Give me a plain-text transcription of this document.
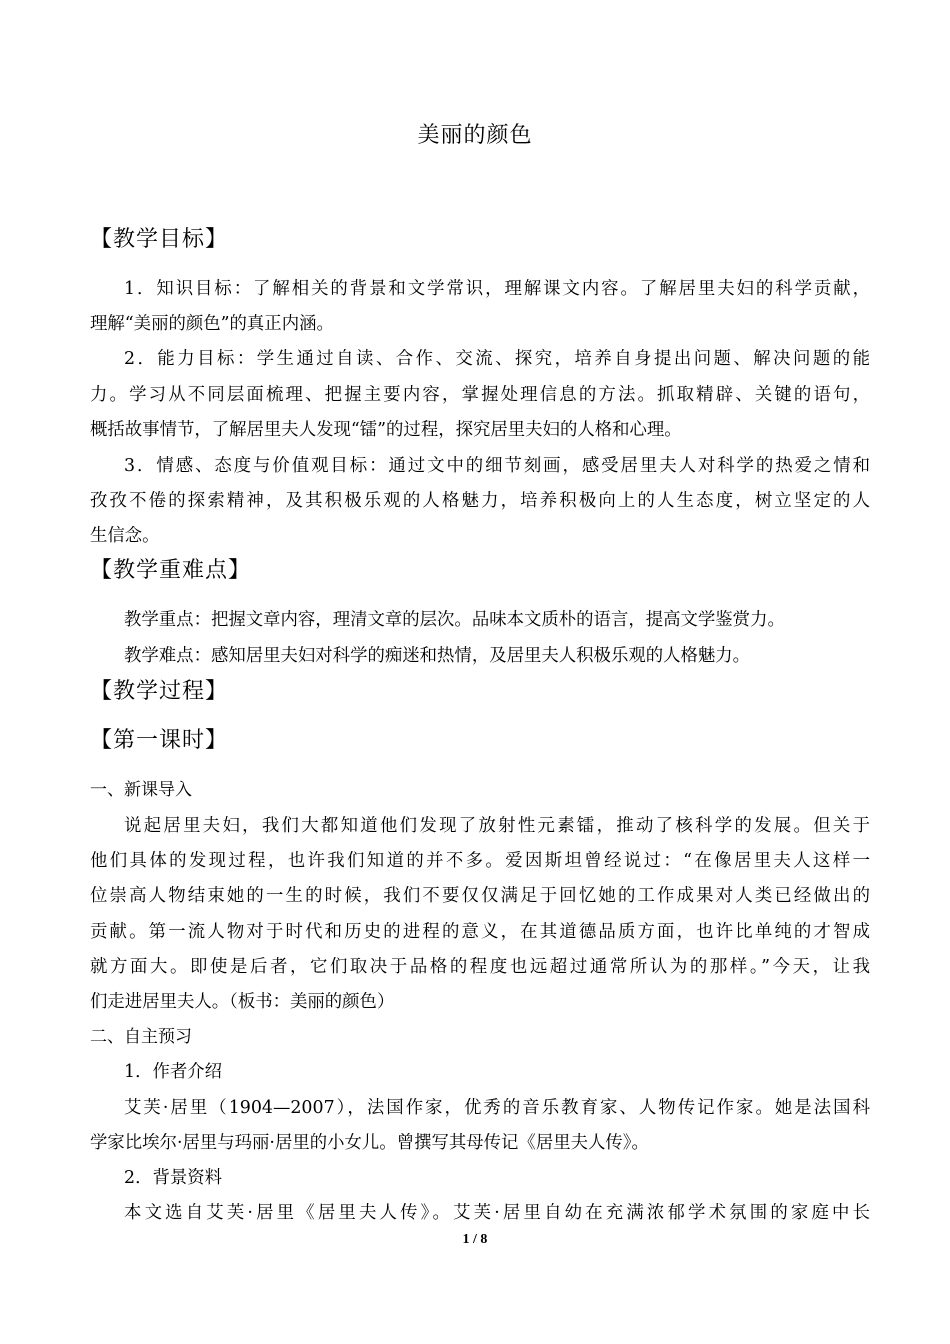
美丽的颜色
【教学目标】
1．知识目标：了解相关的背景和文学常识，理解课文内容。了解居里夫妇的科学贡献，
理解“美丽的颜色”的真正内涵。
2．能力目标：学生通过自读、合作、交流、探究，培养自身提出问题、解决问题的能
力。学习从不同层面梳理、把握主要内容，掌握处理信息的方法。抓取精辟、关键的语句，
概括故事情节，了解居里夫人发现“镭”的过程，探究居里夫妇的人格和心理。
3．情感、态度与价值观目标：通过文中的细节刻画，感受居里夫人对科学的热爱之情和
孜孜不倦的探索精神，及其积极乐观的人格魅力，培养积极向上的人生态度，树立坚定的人
生信念。
【教学重难点】
教学重点：把握文章内容，理清文章的层次。品味本文质朴的语言，提高文学鉴赏力。
教学难点：感知居里夫妇对科学的痴迷和热情，及居里夫人积极乐观的人格魅力。
【教学过程】
【第一课时】
一、新课导入
说起居里夫妇，我们大都知道他们发现了放射性元素镭，推动了核科学的发展。但关于
他们具体的发现过程，也许我们知道的并不多。爱因斯坦曾经说过：“在像居里夫人这样一
位崇高人物结束她的一生的时候，我们不要仅仅满足于回忆她的工作成果对人类已经做出的
贡献。第一流人物对于时代和历史的进程的意义，在其道德品质方面，也许比单纯的才智成
就方面大。即使是后者，它们取决于品格的程度也远超过通常所认为的那样。”今天，让我
们走进居里夫人。（板书：美丽的颜色）
二、自主预习
1．作者介绍
艾芙·居里（1904—2007），法国作家，优秀的音乐教育家、人物传记作家。她是法国科
学家比埃尔·居里与玛丽·居里的小女儿。曾撰写其母传记《居里夫人传》。
2．背景资料
本文选自艾芙·居里《居里夫人传》。艾芙·居里自幼在充满浓郁学术氛围的家庭中长
1 / 8
